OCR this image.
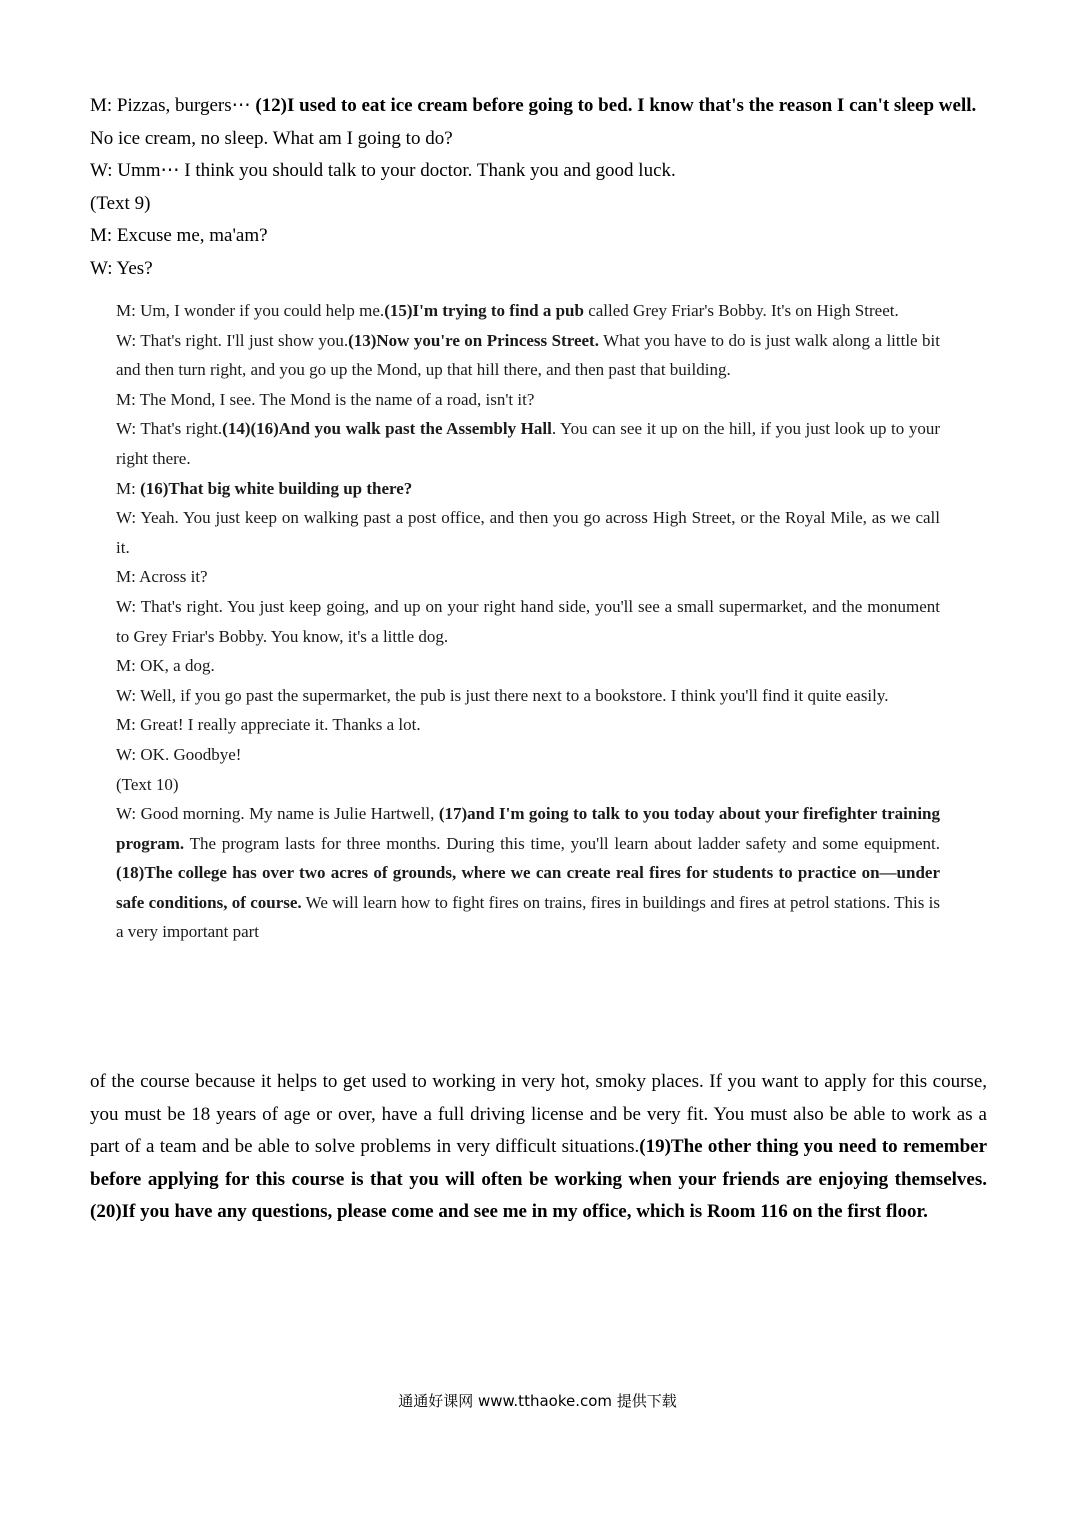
M: Pizzas, burgers⋯ (12)I used to eat ice cream before going to bed. I know that's the reason I can't sleep well. No ice cream, no sleep. What am I going to do?

W: Umm⋯ I think you should talk to your doctor. Thank you and good luck.

(Text 9)

M: Excuse me, ma'am?

W: Yes?

M: Um, I wonder if you could help me.(15)I'm trying to find a pub called Grey Friar's Bobby. It's on High Street.

W: That's right. I'll just show you.(13)Now you're on Princess Street. What you have to do is just walk along a little bit and then turn right, and you go up the Mond, up that hill there, and then past that building.

M: The Mond, I see. The Mond is the name of a road, isn't it?

W: That's right.(14)(16)And you walk past the Assembly Hall. You can see it up on the hill, if you just look up to your right there.

M: (16)That big white building up there?

W: Yeah. You just keep on walking past a post office, and then you go across High Street, or the Royal Mile, as we call it.

M: Across it?

W: That's right. You just keep going, and up on your right hand side, you'll see a small supermarket, and the monument to Grey Friar's Bobby. You know, it's a little dog.

M: OK, a dog.

W: Well, if you go past the supermarket, the pub is just there next to a bookstore. I think you'll find it quite easily.

M: Great! I really appreciate it. Thanks a lot.

W: OK. Goodbye!

(Text 10)

W: Good morning. My name is Julie Hartwell, (17)and I'm going to talk to you today about your firefighter training program. The program lasts for three months. During this time, you'll learn about ladder safety and some equipment.(18)The college has over two acres of grounds, where we can create real fires for students to practice on—under safe conditions, of course. We will learn how to fight fires on trains, fires in buildings and fires at petrol stations. This is a very important part

of the course because it helps to get used to working in very hot, smoky places. If you want to apply for this course, you must be 18 years of age or over, have a full driving license and be very fit. You must also be able to work as a part of a team and be able to solve problems in very difficult situations.(19)The other thing you need to remember before applying for this course is that you will often be working when your friends are enjoying themselves.(20)If you have any questions, please come and see me in my office, which is Room 116 on the first floor.

通通好课网 www.tthaoke.com 提供下载
